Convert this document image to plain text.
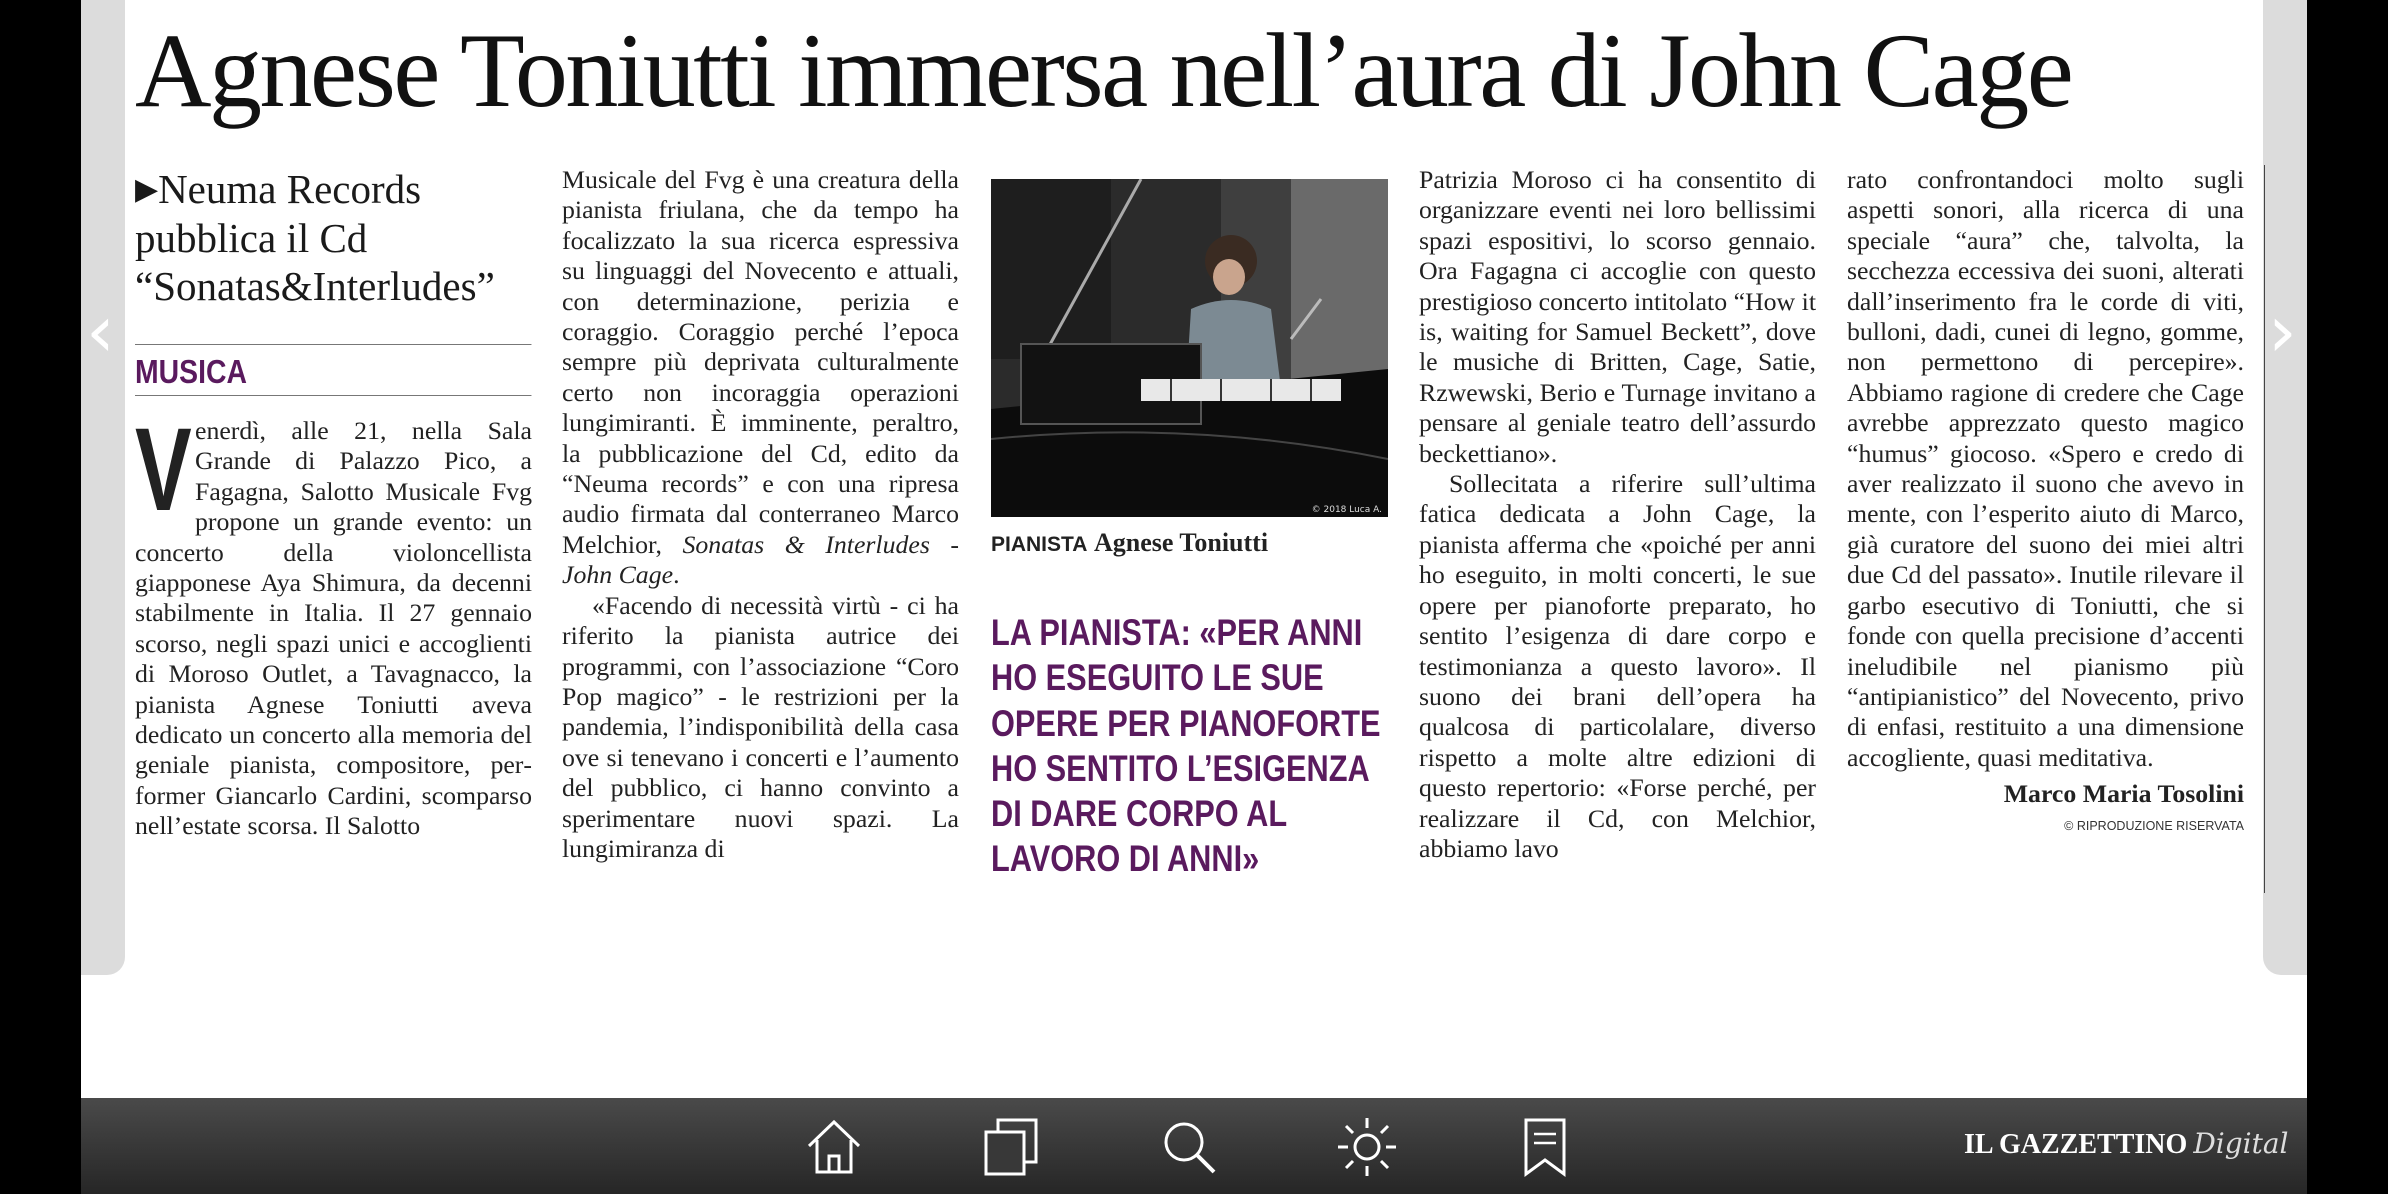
‹	›
Agnese Toniutti immersa nell’aura di John Cage
▶Neuma Records pubblica il Cd “Sonatas&Interludes”
MUSICA

Venerdì, alle 21, nella Sala Grande di Palazzo Pico, a Fagagna, Salotto Musicale Fvg propone un grande evento: un concerto della violoncellista giapponese Aya Shimura, da decenni stabilmente in Italia. Il 27 gennaio scorso, negli spazi unici e accoglienti di Moroso Outlet, a Tavagnacco, la pianista Agnese Toniutti aveva dedicato un concerto alla memoria del geniale pianista, compositore, performer Giancarlo Cardini, scomparso nell’estate scorsa. Il Salotto

Musicale del Fvg è una creatura della pianista friulana, che da tempo ha focalizzato la sua ricerca espressiva su linguaggi del Novecento e attuali, con determinazione, perizia e coraggio. Coraggio perché l’epoca sempre più deprivata culturalmente certo non incoraggia operazioni lungimiranti. È imminente, peraltro, la pubblicazione del Cd, edito da “Neuma records” e con una ripresa audio firmata dal conterraneo Marco Melchior, Sonatas & Interludes - John Cage.

«Facendo di necessità virtù - ci ha riferito la pianista autrice dei programmi, con l’associazione “Coro Pop magico” - le restrizioni per la pandemia, l’indisponibilità della casa ove si tenevano i concerti e l’aumento del pubblico, ci hanno convinto a sperimentare nuovi spazi. La lungimiranza di

© 2018 Luca A.
PIANISTA Agnese Toniutti
LA PIANISTA: «PER ANNI HO ESEGUITO LE SUE OPERE PER PIANOFORTE HO SENTITO L’ESIGENZA DI DARE CORPO AL LAVORO DI ANNI»

Patrizia Moroso ci ha consentito di organizzare eventi nei loro bellissimi spazi espositivi, lo scorso gennaio. Ora Fagagna ci accoglie con questo prestigioso concerto intitolato “How it is, waiting for Samuel Beckett”, dove le musiche di Britten, Cage, Satie, Rzwewski, Berio e Turnage invitano a pensare al geniale teatro dell’assurdo beckettiano».

Sollecitata a riferire sull’ultima fatica dedicata a John Cage, la pianista afferma che «poiché per anni ho eseguito, in molti concerti, le sue opere per pianoforte preparato, ho sentito l’esigenza di dare corpo e testimonianza a questo lavoro». Il suono dei brani dell’opera ha qualcosa di particolalare, diverso rispetto a molte altre edizioni di questo repertorio: «Forse perché, per realizzare il Cd, con Melchior, abbiamo lavo

rato confrontandoci molto sugli aspetti sonori, alla ricerca di una speciale “aura” che, talvolta, la secchezza eccessiva dei suoni, alterati dall’inserimento fra le corde di viti, bulloni, dadi, cunei di legno, gomme, non permettono di percepire». Abbiamo ragione di credere che Cage avrebbe apprezzato questo magico “humus” giocoso. «Spero e credo di aver realizzato il suono che avevo in mente, con l’esperito aiuto di Marco, già curatore del suono dei miei altri due Cd del passato». Inutile rilevare il garbo esecutivo di Toniutti, che si fonde con quella precisione d’accenti ineludibile nel pianismo più “antipianistico” del Novecento, privo di enfasi, restituito a una dimensione accogliente, quasi meditativa.

Marco Maria Tosolini
© RIPRODUZIONE RISERVATA
IL GAZZETTINO Digital
